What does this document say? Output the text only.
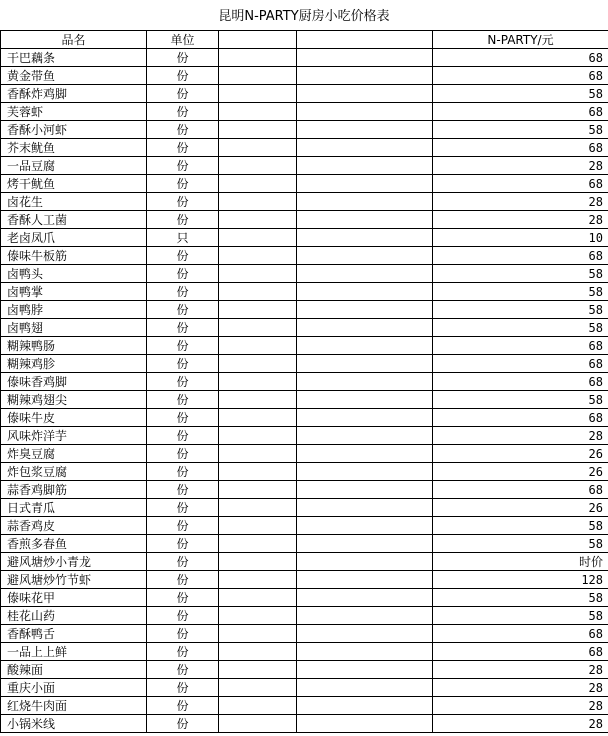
昆明N-PARTY厨房小吃价格表
品名	单位			N-PARTY/元
干巴藕条	份			68
黄金带鱼	份			68
香酥炸鸡脚	份			58
芙蓉虾	份			68
香酥小河虾	份			58
芥末鱿鱼	份			68
一品豆腐	份			28
烤干鱿鱼	份			68
卤花生	份			28
香酥人工菌	份			28
老卤凤爪	只			10
傣味牛板筋	份			68
卤鸭头	份			58
卤鸭掌	份			58
卤鸭脖	份			58
卤鸭翅	份			58
糊辣鸭肠	份			68
糊辣鸡胗	份			68
傣味香鸡脚	份			68
糊辣鸡翅尖	份			58
傣味牛皮	份			68
风味炸洋芋	份			28
炸臭豆腐	份			26
炸包浆豆腐	份			26
蒜香鸡脚筋	份			68
日式青瓜	份			26
蒜香鸡皮	份			58
香煎多春鱼	份			58
避风塘炒小青龙	份			时价
避风塘炒竹节虾	份			128
傣味花甲	份			58
桂花山药	份			58
香酥鸭舌	份			68
一品上上鲜	份			68
酸辣面	份			28
重庆小面	份			28
红烧牛肉面	份			28
小锅米线	份			28
